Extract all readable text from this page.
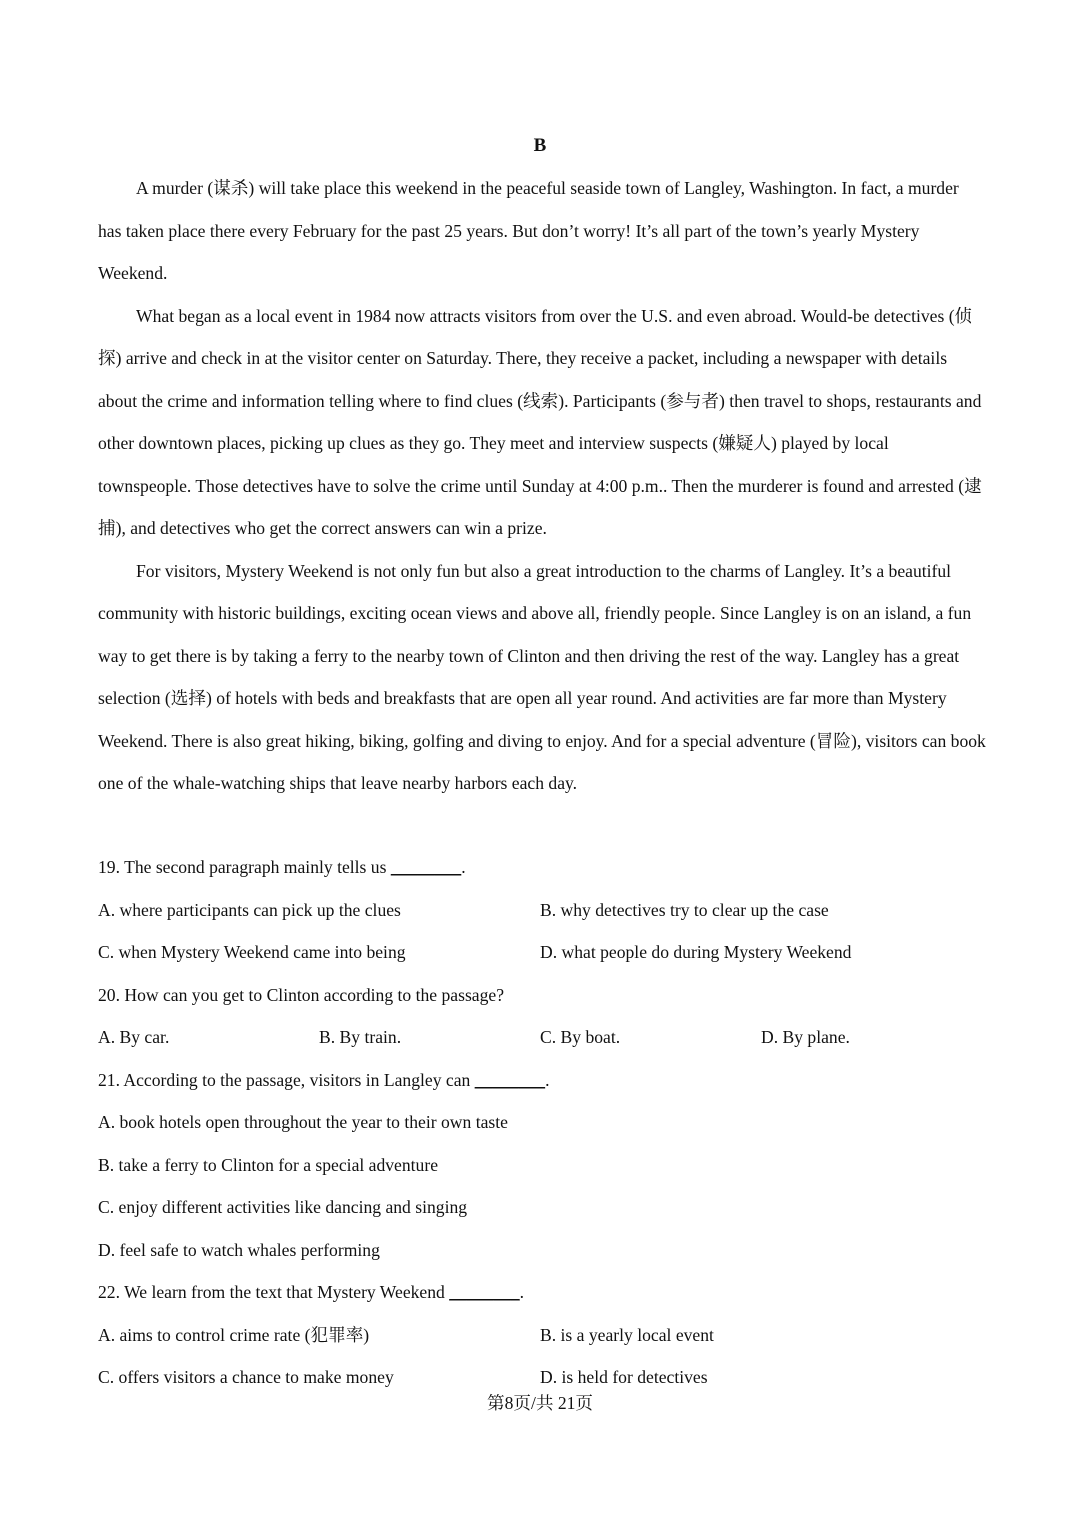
B

A murder (谋杀) will take place this weekend in the peaceful seaside town of Langley, Washington. In fact, a murder has taken place there every February for the past 25 years. But don’t worry! It’s all part of the town’s yearly Mystery Weekend.

What began as a local event in 1984 now attracts visitors from over the U.S. and even abroad. Would-be detectives (侦探) arrive and check in at the visitor center on Saturday. There, they receive a packet, including a newspaper with details about the crime and information telling where to find clues (线索). Participants (参与者) then travel to shops, restaurants and other downtown places, picking up clues as they go. They meet and interview suspects (嫌疑人) played by local townspeople. Those detectives have to solve the crime until Sunday at 4:00 p.m.. Then the murderer is found and arrested (逮捕), and detectives who get the correct answers can win a prize.

For visitors, Mystery Weekend is not only fun but also a great introduction to the charms of Langley. It’s a beautiful community with historic buildings, exciting ocean views and above all, friendly people. Since Langley is on an island, a fun way to get there is by taking a ferry to the nearby town of Clinton and then driving the rest of the way. Langley has a great selection (选择) of hotels with beds and breakfasts that are open all year round. And activities are far more than Mystery Weekend. There is also great hiking, biking, golfing and diving to enjoy. And for a special adventure (冒险), visitors can book one of the whale-watching ships that leave nearby harbors each day.

19. The second paragraph mainly tells us ________.
A. where participants can pick up the clues	B. why detectives try to clear up the case
C. when Mystery Weekend came into being	D. what people do during Mystery Weekend
20. How can you get to Clinton according to the passage?
A. By car.	B. By train.	C. By boat.	D. By plane.
21. According to the passage, visitors in Langley can ________.
A. book hotels open throughout the year to their own taste
B. take a ferry to Clinton for a special adventure
C. enjoy different activities like dancing and singing
D. feel safe to watch whales performing
22. We learn from the text that Mystery Weekend ________.
A. aims to control crime rate (犯罪率)	B. is a yearly local event
C. offers visitors a chance to make money	D. is held for detectives
第8页/共 21页
